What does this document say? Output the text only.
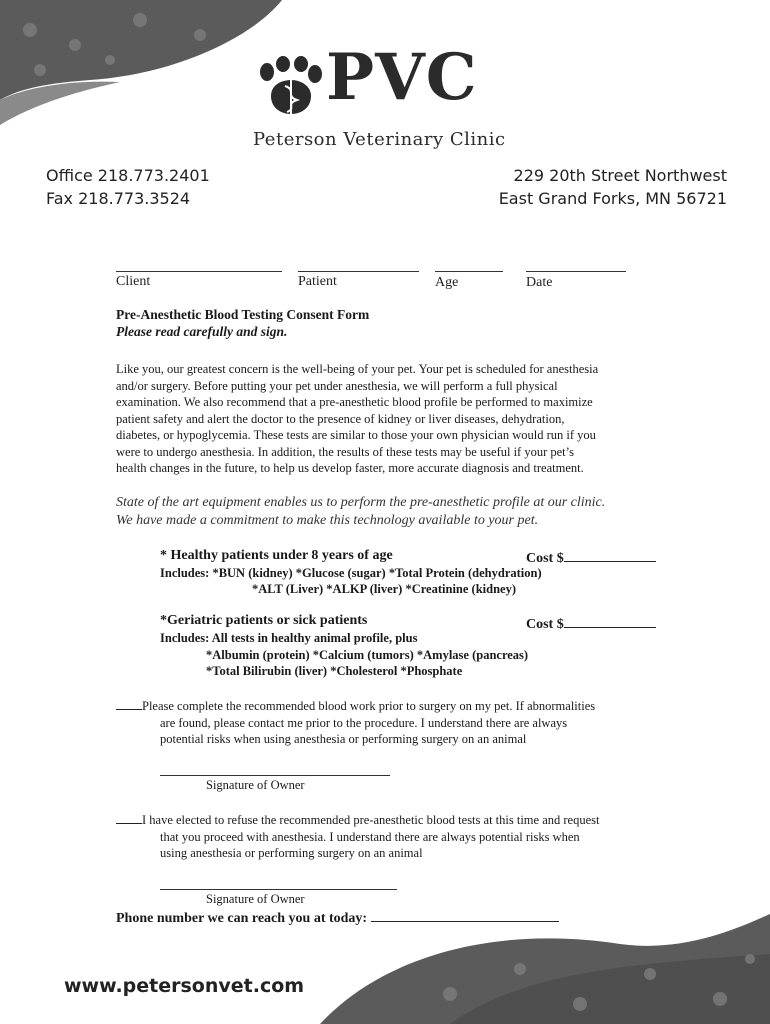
PVC
Peterson Veterinary Clinic
Office 218.773.2401
Fax 218.773.3524
229 20th Street Northwest
East Grand Forks, MN 56721
Client	Patient	Age	Date
Pre-Anesthetic Blood Testing Consent Form
Please read carefully and sign.
Like you, our greatest concern is the well-being of your pet. Your pet is scheduled for anesthesia
and/or surgery. Before putting your pet under anesthesia, we will perform a full physical
examination. We also recommend that a pre-anesthetic blood profile be performed to maximize
patient safety and alert the doctor to the presence of kidney or liver diseases, dehydration,
diabetes, or hypoglycemia. These tests are similar to those your own physician would run if you
were to undergo anesthesia. In addition, the results of these tests may be useful if your pet’s
health changes in the future, to help us develop faster, more accurate diagnosis and treatment.
State of the art equipment enables us to perform the pre-anesthetic profile at our clinic.
We have made a commitment to make this technology available to your pet.
* Healthy patients under 8 years of age	Cost $
Includes: *BUN (kidney) *Glucose (sugar) *Total Protein (dehydration)
*ALT (Liver) *ALKP (liver) *Creatinine (kidney)
*Geriatric patients or sick patients	Cost $
Includes: All tests in healthy animal profile, plus
*Albumin (protein) *Calcium (tumors) *Amylase (pancreas)
*Total Bilirubin (liver) *Cholesterol *Phosphate
Please complete the recommended blood work prior to surgery on my pet. If abnormalities
are found, please contact me prior to the procedure. I understand there are always
potential risks when using anesthesia or performing surgery on an animal
Signature of Owner
I have elected to refuse the recommended pre-anesthetic blood tests at this time and request
that you proceed with anesthesia. I understand there are always potential risks when
using anesthesia or performing surgery on an animal
Signature of Owner
Phone number we can reach you at today:
www.petersonvet.com
